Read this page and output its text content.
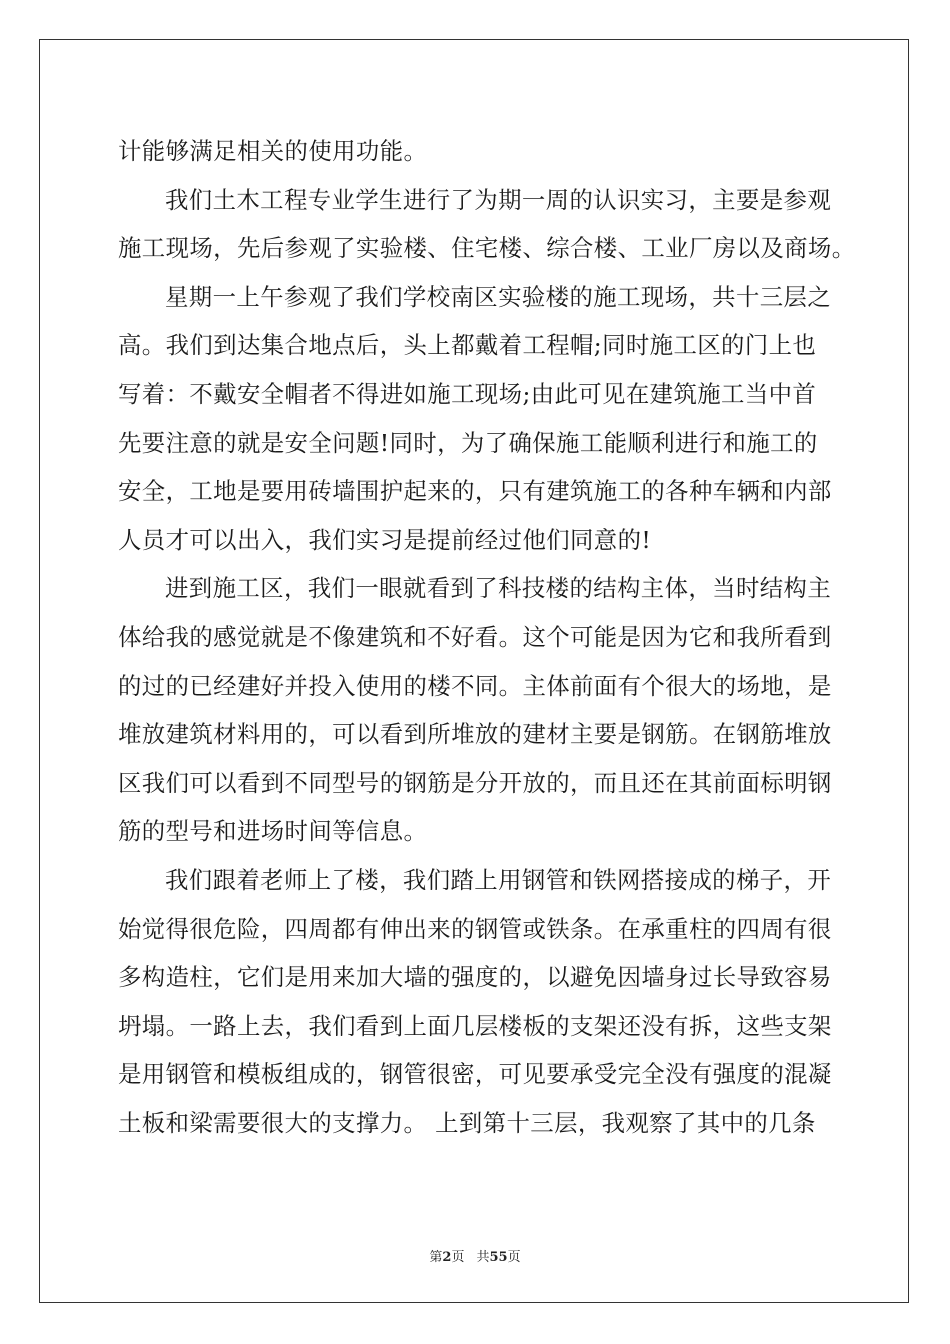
计能够满足相关的使用功能。
我们土木工程专业学生进行了为期一周的认识实习，主要是参观
施工现场，先后参观了实验楼、住宅楼、综合楼、工业厂房以及商场。
星期一上午参观了我们学校南区实验楼的施工现场，共十三层之
高。我们到达集合地点后，头上都戴着工程帽;同时施工区的门上也
写着：不戴安全帽者不得进如施工现场;由此可见在建筑施工当中首
先要注意的就是安全问题!同时，为了确保施工能顺利进行和施工的
安全，工地是要用砖墙围护起来的，只有建筑施工的各种车辆和内部
人员才可以出入，我们实习是提前经过他们同意的!
进到施工区，我们一眼就看到了科技楼的结构主体，当时结构主
体给我的感觉就是不像建筑和不好看。这个可能是因为它和我所看到
的过的已经建好并投入使用的楼不同。主体前面有个很大的场地，是
堆放建筑材料用的，可以看到所堆放的建材主要是钢筋。在钢筋堆放
区我们可以看到不同型号的钢筋是分开放的，而且还在其前面标明钢
筋的型号和进场时间等信息。
我们跟着老师上了楼，我们踏上用钢管和铁网搭接成的梯子，开
始觉得很危险，四周都有伸出来的钢管或铁条。在承重柱的四周有很
多构造柱，它们是用来加大墙的强度的，以避免因墙身过长导致容易
坍塌。一路上去，我们看到上面几层楼板的支架还没有拆，这些支架
是用钢管和模板组成的，钢管很密，可见要承受完全没有强度的混凝
土板和梁需要很大的支撑力。 上到第十三层，我观察了其中的几条
第2页 共55页
